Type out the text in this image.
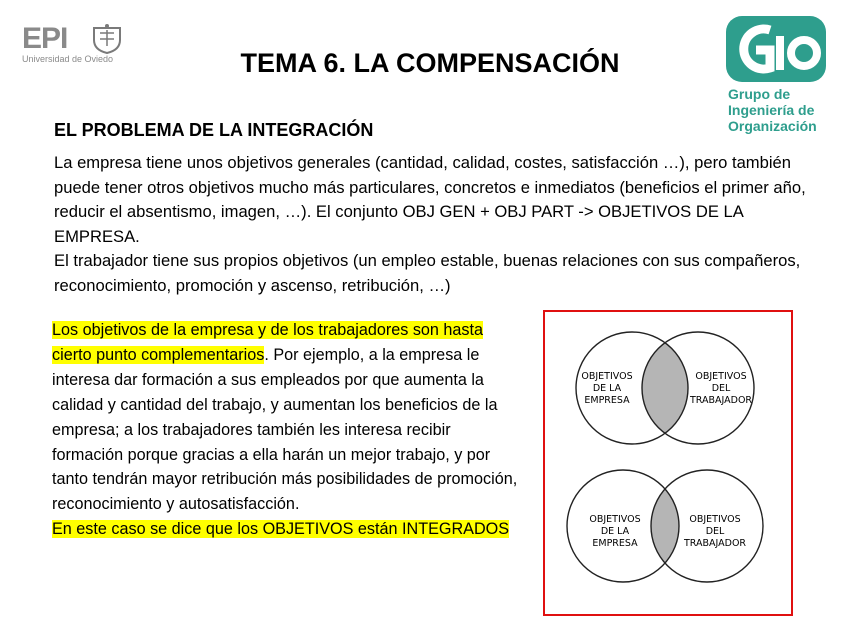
EPI
Universidad de Oviedo	TEMA 6. LA COMPENSACIÓN
Grupo de
Ingeniería de
Organización
EL PROBLEMA DE LA INTEGRACIÓN

La empresa tiene unos objetivos generales (cantidad, calidad, costes, satisfacción …), pero también puede tener otros objetivos mucho más particulares, concretos e inmediatos (beneficios el primer año, reducir el absentismo, imagen, …). El conjunto OBJ GEN + OBJ PART -> OBJETIVOS DE LA EMPRESA.

El trabajador tiene sus propios objetivos (un empleo estable, buenas relaciones con sus compañeros, reconocimiento, promoción y ascenso, retribución, …)

Los objetivos de la empresa y de los trabajadores son hasta cierto punto complementarios. Por ejemplo, a la empresa le interesa dar formación a sus empleados por que aumenta la calidad y cantidad del trabajo, y aumentan los beneficios de la empresa; a los trabajadores también les interesa recibir formación porque gracias a ella harán un mejor trabajo, y por tanto tendrán mayor retribución más posibilidades de promoción, reconocimiento y autosatisfacción.

En este caso se dice que los OBJETIVOS están INTEGRADOS

OBJETIVOS
DE LA
EMPRESA
OBJETIVOS
DEL
TRABAJADOR
OBJETIVOS
DE LA
EMPRESA
OBJETIVOS
DEL
TRABAJADOR
